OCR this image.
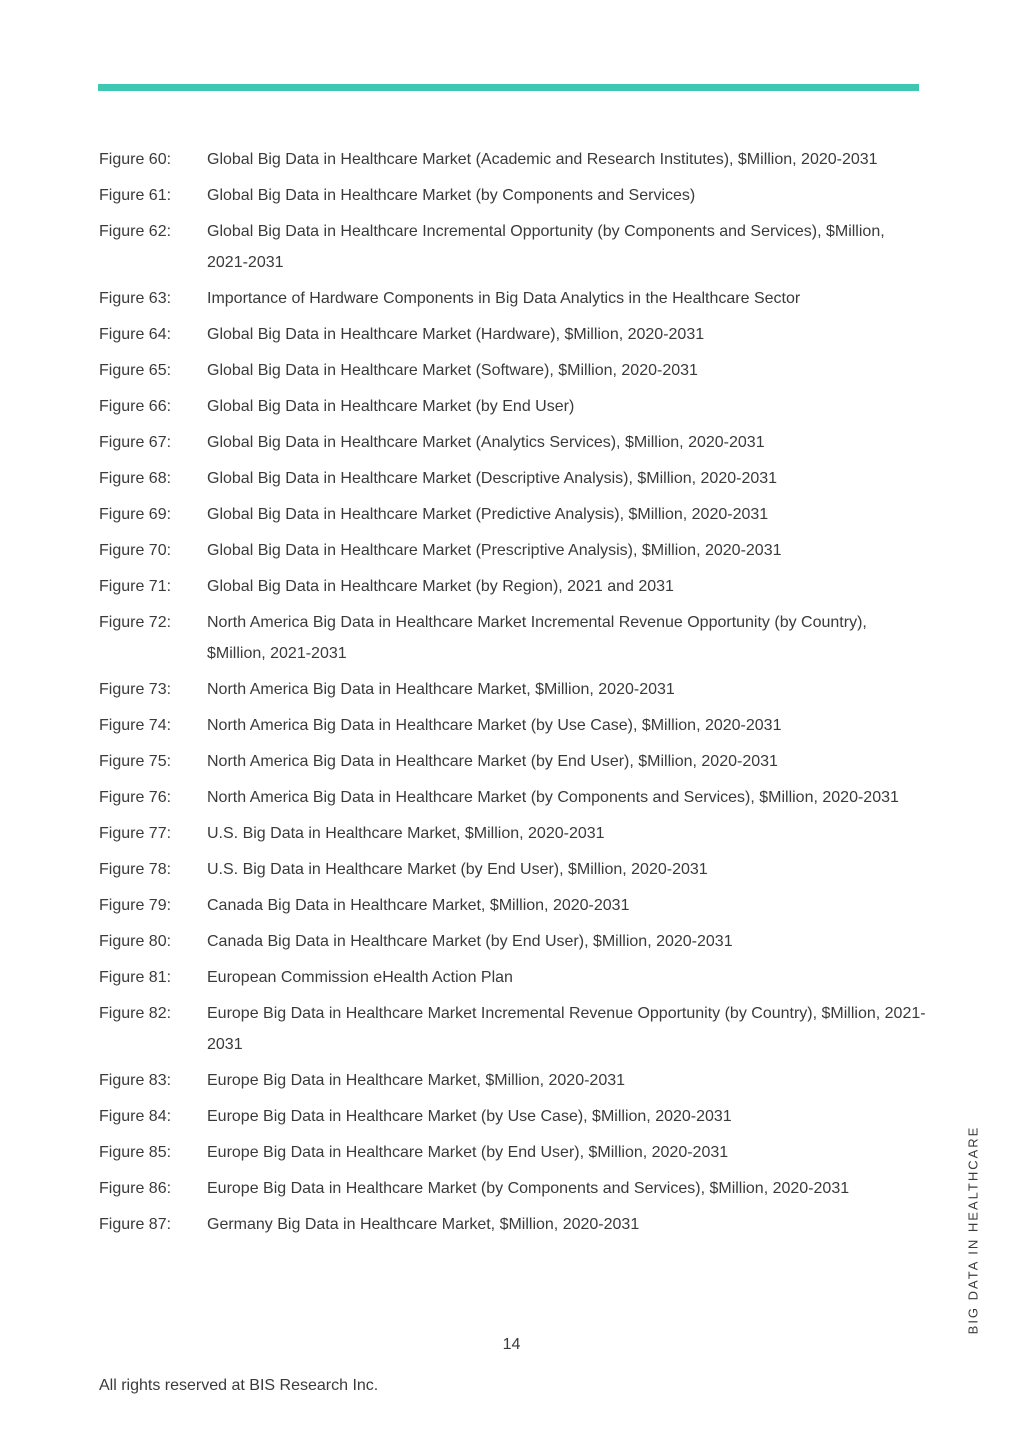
Figure 60:	Global Big Data in Healthcare Market (Academic and Research Institutes), $Million, 2020-2031
Figure 61:	Global Big Data in Healthcare Market (by Components and Services)
Figure 62:	Global Big Data in Healthcare Incremental Opportunity (by Components and Services), $Million, 2021-2031
Figure 63:	Importance of Hardware Components in Big Data Analytics in the Healthcare Sector
Figure 64:	Global Big Data in Healthcare Market (Hardware), $Million, 2020-2031
Figure 65:	Global Big Data in Healthcare Market (Software), $Million, 2020-2031
Figure 66:	Global Big Data in Healthcare Market (by End User)
Figure 67:	Global Big Data in Healthcare Market (Analytics Services), $Million, 2020-2031
Figure 68:	Global Big Data in Healthcare Market (Descriptive Analysis), $Million, 2020-2031
Figure 69:	Global Big Data in Healthcare Market (Predictive Analysis), $Million, 2020-2031
Figure 70:	Global Big Data in Healthcare Market (Prescriptive Analysis), $Million, 2020-2031
Figure 71:	Global Big Data in Healthcare Market (by Region), 2021 and 2031
Figure 72:	North America Big Data in Healthcare Market Incremental Revenue Opportunity (by Country), $Million, 2021-2031
Figure 73:	North America Big Data in Healthcare Market, $Million, 2020-2031
Figure 74:	North America Big Data in Healthcare Market (by Use Case), $Million, 2020-2031
Figure 75:	North America Big Data in Healthcare Market (by End User), $Million, 2020-2031
Figure 76:	North America Big Data in Healthcare Market (by Components and Services), $Million, 2020-2031
Figure 77:	U.S. Big Data in Healthcare Market, $Million, 2020-2031
Figure 78:	U.S. Big Data in Healthcare Market (by End User), $Million, 2020-2031
Figure 79:	Canada Big Data in Healthcare Market, $Million, 2020-2031
Figure 80:	Canada Big Data in Healthcare Market (by End User), $Million, 2020-2031
Figure 81:	European Commission eHealth Action Plan
Figure 82:	Europe Big Data in Healthcare Market Incremental Revenue Opportunity (by Country), $Million, 2021-2031
Figure 83:	Europe Big Data in Healthcare Market, $Million, 2020-2031
Figure 84:	Europe Big Data in Healthcare Market (by Use Case), $Million, 2020-2031
Figure 85:	Europe Big Data in Healthcare Market (by End User), $Million, 2020-2031
Figure 86:	Europe Big Data in Healthcare Market (by Components and Services), $Million, 2020-2031
Figure 87:	Germany Big Data in Healthcare Market, $Million, 2020-2031
14
All rights reserved at BIS Research Inc.
BIG DATA IN HEALTHCARE
